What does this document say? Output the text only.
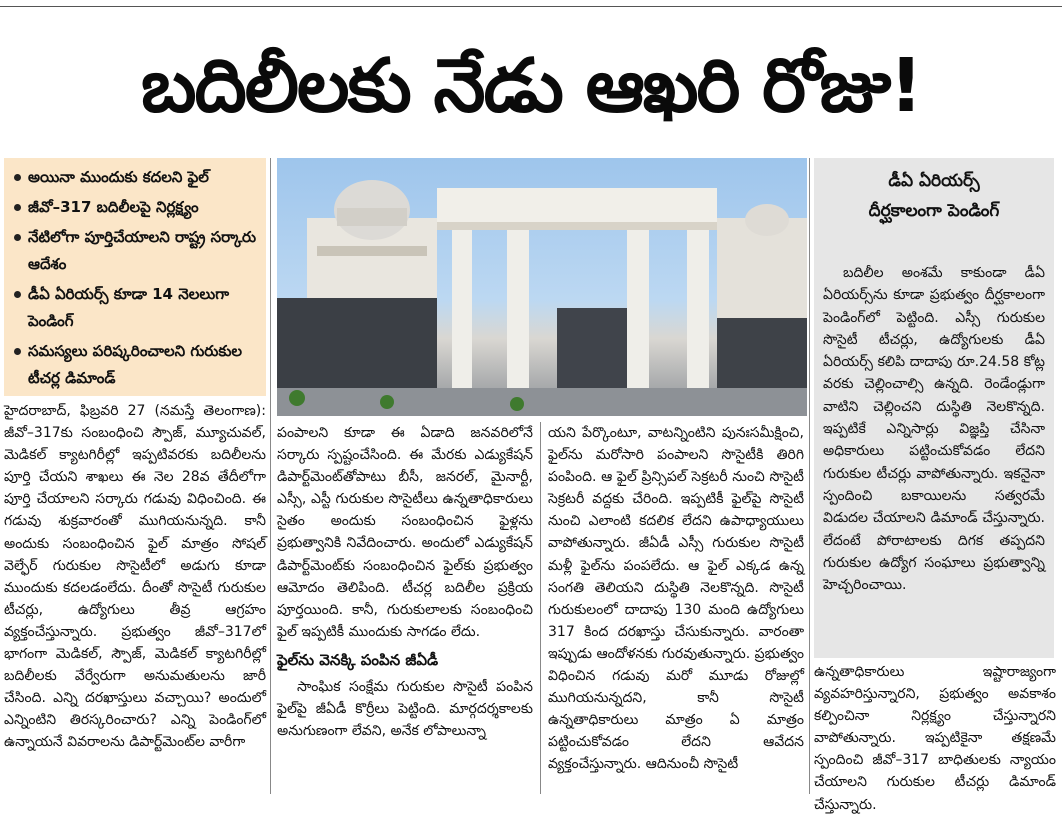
బదిలీలకు నేడు ఆఖరి రోజు!
అయినా ముందుకు కదలని ఫైల్
జీవో–317 బదిలీలపై నిర్లక్ష్యం
నేటిలోగా పూర్తిచేయాలని రాష్ట్ర సర్కారు ఆదేశం
డీఏ ఏరియర్స్ కూడా 14 నెలలుగా పెండింగ్
సమస్యలు పరిష్కరించాలని గురుకుల టీచర్ల డిమాండ్

హైదరాబాద్, ఫిబ్రవరి 27 (నమస్తే తెలంగాణ): జీవో–317కు సంబంధించి స్పౌజ్, మ్యూచువల్, మెడికల్ క్యాటగిరీల్లో ఇప్పటివరకు బదిలీలను పూర్తి చేయని శాఖలు ఈ నెల 28వ తేదీలోగా పూర్తి చేయాలని సర్కారు గడువు విధించింది. ఈ గడువు శుక్రవారంతో ముగియనున్నది. కానీ అందుకు సంబంధించిన ఫైల్ మాత్రం సోషల్ వెల్ఫేర్ గురుకుల సొసైటీలో అడుగు కూడా ముందుకు కదలడంలేదు. దీంతో సొసైటీ గురుకుల టీచర్లు, ఉద్యోగులు తీవ్ర ఆగ్రహం వ్యక్తంచేస్తున్నారు. ప్రభుత్వం జీవో–317లో భాగంగా మెడికల్, స్పౌజ్, మెడికల్ క్యాటగిరీల్లో బదిలీలకు వేర్వేరుగా అనుమతులను జారీ చేసింది. ఎన్ని దరఖాస్తులు వచ్చాయి? అందులో ఎన్నింటిని తిరస్కరించారు? ఎన్ని పెండింగ్‌లో ఉన్నాయనే వివరాలను డిపార్ట్‌మెంట్‌ల వారీగా

పంపాలని కూడా ఈ ఏడాది జనవరిలోనే సర్కారు స్పష్టంచేసింది. ఈ మేరకు ఎడ్యుకేషన్ డిపార్ట్‌మెంట్‌తోపాటు బీసీ, జనరల్, మైనార్టీ, ఎస్సీ, ఎస్టీ గురుకుల సొసైటీలు ఉన్నతాధికారులు సైతం అందుకు సంబంధించిన ఫైళ్లను ప్రభుత్వానికి నివేదించారు. అందులో ఎడ్యుకేషన్ డిపార్ట్‌మెంట్‌కు సంబంధించిన ఫైల్‌కు ప్రభుత్వం ఆమోదం తెలిపింది. టీచర్ల బదిలీల ప్రక్రియ పూర్తయింది. కానీ, గురుకులాలకు సంబంధించి ఫైల్ ఇప్పటికీ ముందుకు సాగడం లేదు.

ఫైల్‌ను వెనక్కి పంపిన జీఏడీ

సాంఘిక సంక్షేమ గురుకుల సొసైటీ పంపిన ఫైల్‌పై జీఏడీ కొర్రీలు పెట్టింది. మార్గదర్శకాలకు అనుగుణంగా లేవని, అనేక లోపాలున్నా

యని పేర్కొంటూ, వాటన్నింటిని పునఃసమీక్షించి, ఫైల్‌ను మరోసారి పంపాలని సొసైటీకి తిరిగి పంపింది. ఆ ఫైల్ ప్రిన్సిపల్ సెక్రటరీ నుంచి సొసైటీ సెక్రటరీ వద్దకు చేరింది. ఇప్పటికీ ఫైల్‌పై సొసైటీ నుంచి ఎలాంటి కదలిక లేదని ఉపాధ్యాయులు వాపోతున్నారు. జీఏడీ ఎస్సీ గురుకుల సొసైటీ మళ్లీ ఫైల్‌ను పంపలేదు. ఆ ఫైల్ ఎక్కడ ఉన్న సంగతి తెలియని దుస్థితి నెలకొన్నది. సొసైటీ గురుకులంలో దాదాపు 130 మంది ఉద్యోగులు 317 కింద దరఖాస్తు చేసుకున్నారు. వారంతా ఇప్పుడు ఆందోళనకు గురవుతున్నారు. ప్రభుత్వం విధించిన గడువు మరో మూడు రోజుల్లో ముగియనున్నదని, కానీ సొసైటీ ఉన్నతాధికారులు మాత్రం ఏ మాత్రం పట్టించుకోవడం లేదని ఆవేదన వ్యక్తంచేస్తున్నారు. ఆదినుంచీ సొసైటీ

డీఏ ఏరియర్స్
దీర్ఘకాలంగా పెండింగ్

బదిలీల అంశమే కాకుండా డీఏ ఏరియర్స్‌ను కూడా ప్రభుత్వం దీర్ఘకాలంగా పెండింగ్‌లో పెట్టింది. ఎస్సీ గురుకుల సొసైటీ టీచర్లు, ఉద్యోగులకు డీఏ ఏరియర్స్ కలిపి దాదాపు రూ.24.58 కోట్ల వరకు చెల్లించాల్సి ఉన్నది. రెండేండ్లుగా వాటిని చెల్లించని దుస్థితి నెలకొన్నది. ఇప్పటికే ఎన్నిసార్లు విజ్ఞప్తి చేసినా అధికారులు పట్టించుకోవడం లేదని గురుకుల టీచర్లు వాపోతున్నారు. ఇకనైనా స్పందించి బకాయిలను సత్వరమే విడుదల చేయాలని డిమాండ్ చేస్తున్నారు. లేదంటే పోరాటాలకు దిగక తప్పదని గురుకుల ఉద్యోగ సంఘాలు ప్రభుత్వాన్ని హెచ్చరించాయి.

ఉన్నతాధికారులు ఇష్టారాజ్యంగా వ్యవహరిస్తున్నారని, ప్రభుత్వం అవకాశం కల్పించినా నిర్లక్ష్యం చేస్తున్నారని వాపోతున్నారు. ఇప్పటికైనా తక్షణమే స్పందించి జీవో–317 బాధితులకు న్యాయం చేయాలని గురుకుల టీచర్లు డిమాండ్ చేస్తున్నారు.
